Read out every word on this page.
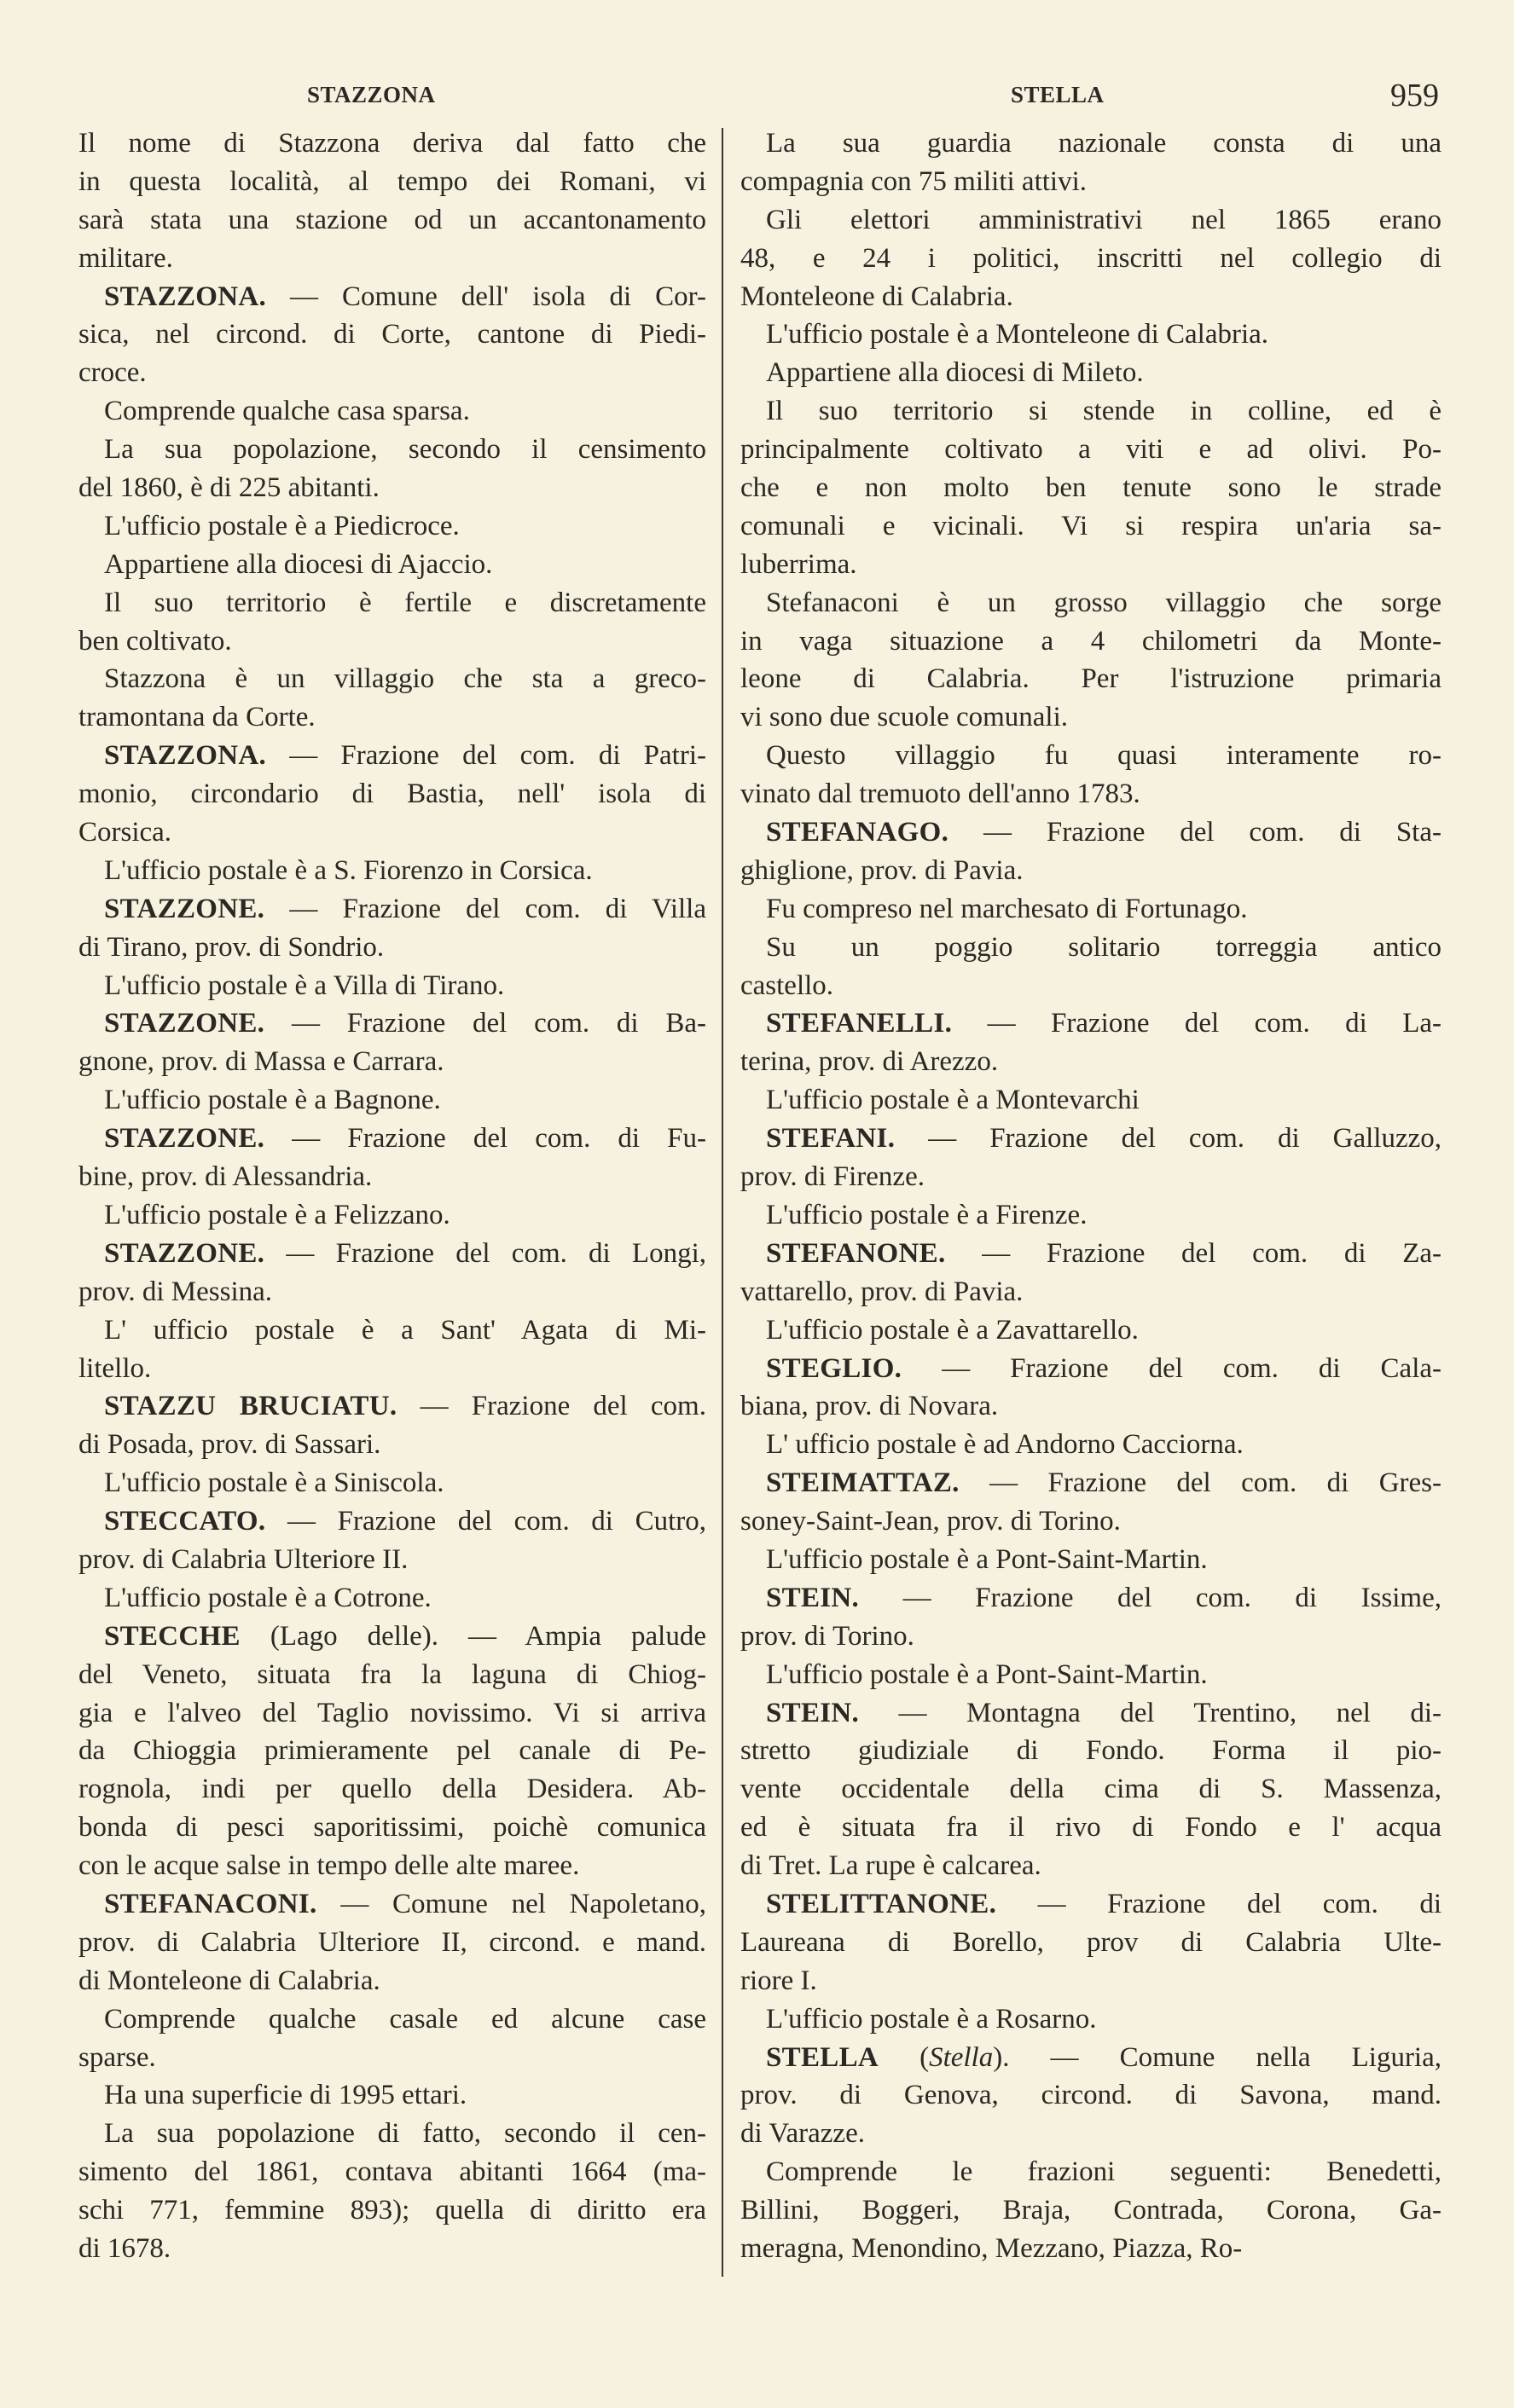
STAZZONA	STELLA	959
Il nome di Stazzona deriva dal fatto che
in questa località, al tempo dei Romani, vi
sarà stata una stazione od un accantonamento
militare.
STAZZONA. — Comune dell' isola di Cor-
sica, nel circond. di Corte, cantone di Piedi-
croce.
Comprende qualche casa sparsa.
La sua popolazione, secondo il censimento
del 1860, è di 225 abitanti.
L'ufficio postale è a Piedicroce.
Appartiene alla diocesi di Ajaccio.
Il suo territorio è fertile e discretamente
ben coltivato.
Stazzona è un villaggio che sta a greco-
tramontana da Corte.
STAZZONA. — Frazione del com. di Patri-
monio, circondario di Bastia, nell' isola di
Corsica.
L'ufficio postale è a S. Fiorenzo in Corsica.
STAZZONE. — Frazione del com. di Villa
di Tirano, prov. di Sondrio.
L'ufficio postale è a Villa di Tirano.
STAZZONE. — Frazione del com. di Ba-
gnone, prov. di Massa e Carrara.
L'ufficio postale è a Bagnone.
STAZZONE. — Frazione del com. di Fu-
bine, prov. di Alessandria.
L'ufficio postale è a Felizzano.
STAZZONE. — Frazione del com. di Longi,
prov. di Messina.
L' ufficio postale è a Sant' Agata di Mi-
litello.
STAZZU BRUCIATU. — Frazione del com.
di Posada, prov. di Sassari.
L'ufficio postale è a Siniscola.
STECCATO. — Frazione del com. di Cutro,
prov. di Calabria Ulteriore II.
L'ufficio postale è a Cotrone.
STECCHE (Lago delle). — Ampia palude
del Veneto, situata fra la laguna di Chiog-
gia e l'alveo del Taglio novissimo. Vi si arriva
da Chioggia primieramente pel canale di Pe-
rognola, indi per quello della Desidera. Ab-
bonda di pesci saporitissimi, poichè comunica
con le acque salse in tempo delle alte maree.
STEFANACONI. — Comune nel Napoletano,
prov. di Calabria Ulteriore II, circond. e mand.
di Monteleone di Calabria.
Comprende qualche casale ed alcune case
sparse.
Ha una superficie di 1995 ettari.
La sua popolazione di fatto, secondo il cen-
simento del 1861, contava abitanti 1664 (ma-
schi 771, femmine 893); quella di diritto era
di 1678.
La sua guardia nazionale consta di una
compagnia con 75 militi attivi.
Gli elettori amministrativi nel 1865 erano
48, e 24 i politici, inscritti nel collegio di
Monteleone di Calabria.
L'ufficio postale è a Monteleone di Calabria.
Appartiene alla diocesi di Mileto.
Il suo territorio si stende in colline, ed è
principalmente coltivato a viti e ad olivi. Po-
che e non molto ben tenute sono le strade
comunali e vicinali. Vi si respira un'aria sa-
luberrima.
Stefanaconi è un grosso villaggio che sorge
in vaga situazione a 4 chilometri da Monte-
leone di Calabria. Per l'istruzione primaria
vi sono due scuole comunali.
Questo villaggio fu quasi interamente ro-
vinato dal tremuoto dell'anno 1783.
STEFANAGO. — Frazione del com. di Sta-
ghiglione, prov. di Pavia.
Fu compreso nel marchesato di Fortunago.
Su un poggio solitario torreggia antico
castello.
STEFANELLI. — Frazione del com. di La-
terina, prov. di Arezzo.
L'ufficio postale è a Montevarchi
STEFANI. — Frazione del com. di Galluzzo,
prov. di Firenze.
L'ufficio postale è a Firenze.
STEFANONE. — Frazione del com. di Za-
vattarello, prov. di Pavia.
L'ufficio postale è a Zavattarello.
STEGLIO. — Frazione del com. di Cala-
biana, prov. di Novara.
L' ufficio postale è ad Andorno Cacciorna.
STEIMATTAZ. — Frazione del com. di Gres-
soney-Saint-Jean, prov. di Torino.
L'ufficio postale è a Pont-Saint-Martin.
STEIN. — Frazione del com. di Issime,
prov. di Torino.
L'ufficio postale è a Pont-Saint-Martin.
STEIN. — Montagna del Trentino, nel di-
stretto giudiziale di Fondo. Forma il pio-
vente occidentale della cima di S. Massenza,
ed è situata fra il rivo di Fondo e l' acqua
di Tret. La rupe è calcarea.
STELITTANONE. — Frazione del com. di
Laureana di Borello, prov di Calabria Ulte-
riore I.
L'ufficio postale è a Rosarno.
STELLA (Stella). — Comune nella Liguria,
prov. di Genova, circond. di Savona, mand.
di Varazze.
Comprende le frazioni seguenti: Benedetti,
Billini, Boggeri, Braja, Contrada, Corona, Ga-
meragna, Menondino, Mezzano, Piazza, Ro-
